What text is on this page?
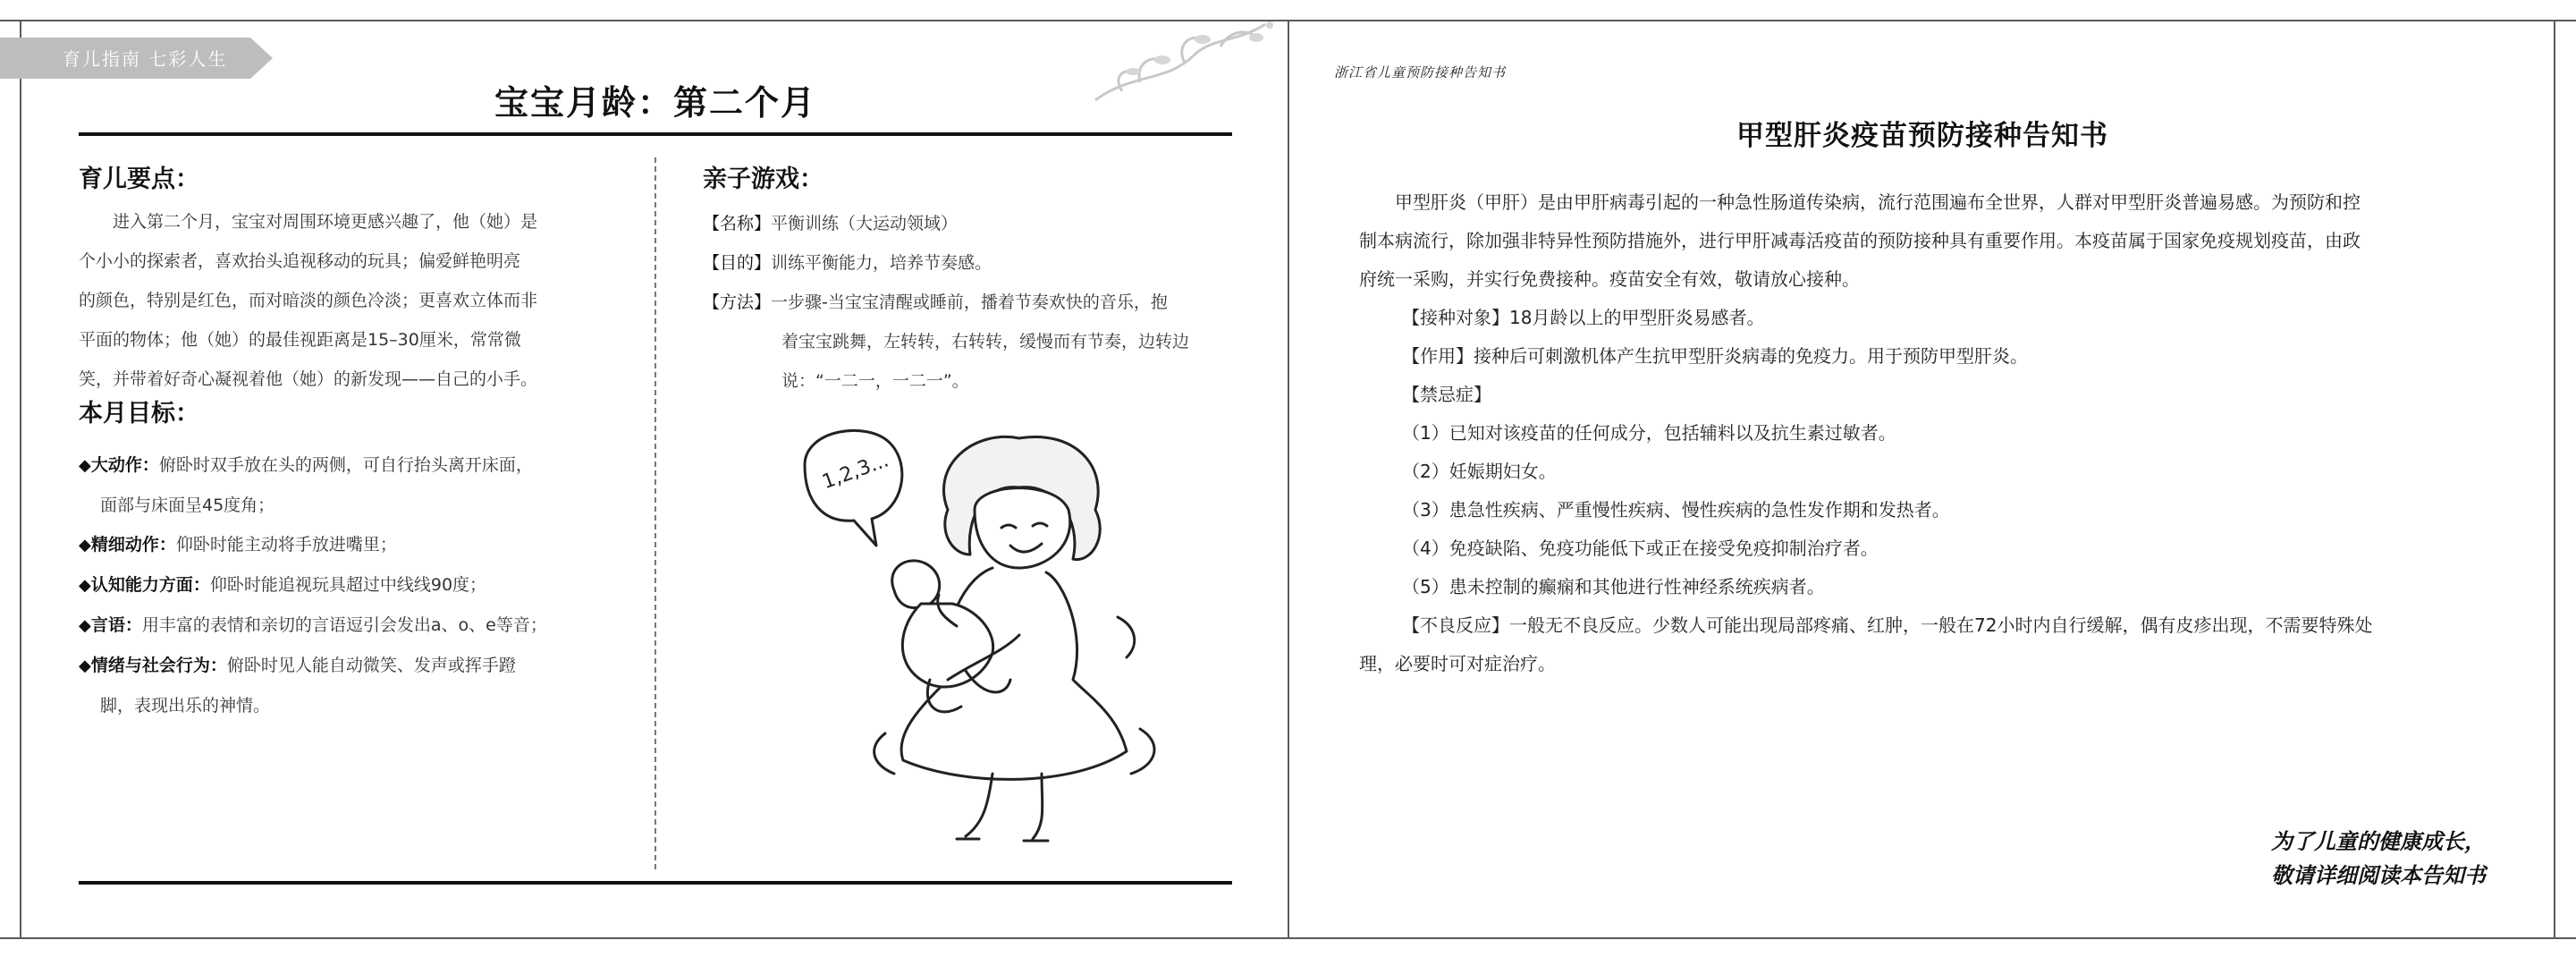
育儿指南 七彩人生
宝宝月龄：第二个月
育儿要点：
进入第二个月，宝宝对周围环境更感兴趣了，他（她）是
个小小的探索者，喜欢抬头追视移动的玩具；偏爱鲜艳明亮
的颜色，特别是红色，而对暗淡的颜色冷淡；更喜欢立体而非
平面的物体；他（她）的最佳视距离是15–30厘米，常常微
笑，并带着好奇心凝视着他（她）的新发现——自己的小手。
本月目标：
◆大动作：俯卧时双手放在头的两侧，可自行抬头离开床面，
面部与床面呈45度角；
◆精细动作：仰卧时能主动将手放进嘴里；
◆认知能力方面：仰卧时能追视玩具超过中线线90度；
◆言语：用丰富的表情和亲切的言语逗引会发出a、o、e等音；
◆情绪与社会行为：俯卧时见人能自动微笑、发声或挥手蹬
脚，表现出乐的神情。
亲子游戏：
【名称】平衡训练（大运动领域）
【目的】训练平衡能力，培养节奏感。
【方法】一步骤-当宝宝清醒或睡前，播着节奏欢快的音乐，抱
着宝宝跳舞，左转转，右转转，缓慢而有节奏，边转边
说：“一二一，一二一”。
1,2,3...
浙江省儿童预防接种告知书
甲型肝炎疫苗预防接种告知书
甲型肝炎（甲肝）是由甲肝病毒引起的一种急性肠道传染病，流行范围遍布全世界，人群对甲型肝炎普遍易感。为预防和控
制本病流行，除加强非特异性预防措施外，进行甲肝减毒活疫苗的预防接种具有重要作用。本疫苗属于国家免疫规划疫苗，由政
府统一采购，并实行免费接种。疫苗安全有效，敬请放心接种。
【接种对象】18月龄以上的甲型肝炎易感者。
【作用】接种后可刺激机体产生抗甲型肝炎病毒的免疫力。用于预防甲型肝炎。
【禁忌症】
（1）已知对该疫苗的任何成分，包括辅料以及抗生素过敏者。
（2）妊娠期妇女。
（3）患急性疾病、严重慢性疾病、慢性疾病的急性发作期和发热者。
（4）免疫缺陷、免疫功能低下或正在接受免疫抑制治疗者。
（5）患未控制的癫痫和其他进行性神经系统疾病者。
【不良反应】一般无不良反应。少数人可能出现局部疼痛、红肿，一般在72小时内自行缓解，偶有皮疹出现，不需要特殊处
理，必要时可对症治疗。
为了儿童的健康成长，
敬请详细阅读本告知书
